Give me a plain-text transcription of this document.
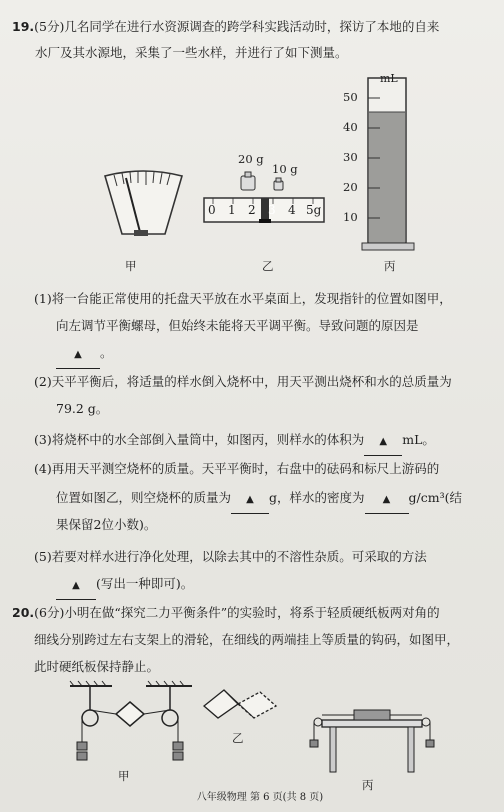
19.(5分)几名同学在进行水资源调查的跨学科实践活动时，探访了本地的自来
水厂及其水源地，采集了一些水样，并进行了如下测量。
甲
20 g
10 g
0 1 2 3 4 5g
乙
mL
50
40
30
20
10
丙
(1)将一台能正常使用的托盘天平放在水平桌面上，发现指针的位置如图甲，
向左调节平衡螺母，但始终未能将天平调平衡。导致问题的原因是
▲ 。
(2)天平平衡后，将适量的样水倒入烧杯中，用天平测出烧杯和水的总质量为
79.2 g。
(3)将烧杯中的水全部倒入量筒中，如图丙，则样水的体积为 ▲ mL。
(4)再用天平测空烧杯的质量。天平平衡时，右盘中的砝码和标尺上游码的
位置如图乙，则空烧杯的质量为 ▲ g，样水的密度为 ▲ g/cm³(结
果保留2位小数)。
(5)若要对样水进行净化处理，以除去其中的不溶性杂质。可采取的方法
▲ (写出一种即可)。
20.(6分)小明在做“探究二力平衡条件”的实验时，将系于轻质硬纸板两对角的
细线分别跨过左右支架上的滑轮，在细线的两端挂上等质量的钩码，如图甲，
此时硬纸板保持静止。
甲
乙
丙
八年级物理 第 6 页(共 8 页)
